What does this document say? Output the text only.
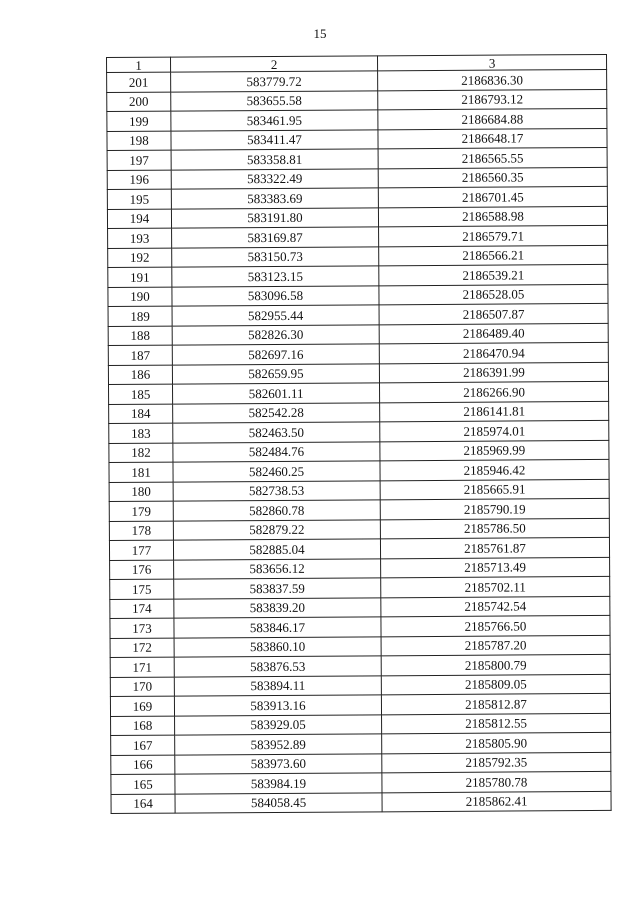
15
1	2	3
201	583779.72	2186836.30
200	583655.58	2186793.12
199	583461.95	2186684.88
198	583411.47	2186648.17
197	583358.81	2186565.55
196	583322.49	2186560.35
195	583383.69	2186701.45
194	583191.80	2186588.98
193	583169.87	2186579.71
192	583150.73	2186566.21
191	583123.15	2186539.21
190	583096.58	2186528.05
189	582955.44	2186507.87
188	582826.30	2186489.40
187	582697.16	2186470.94
186	582659.95	2186391.99
185	582601.11	2186266.90
184	582542.28	2186141.81
183	582463.50	2185974.01
182	582484.76	2185969.99
181	582460.25	2185946.42
180	582738.53	2185665.91
179	582860.78	2185790.19
178	582879.22	2185786.50
177	582885.04	2185761.87
176	583656.12	2185713.49
175	583837.59	2185702.11
174	583839.20	2185742.54
173	583846.17	2185766.50
172	583860.10	2185787.20
171	583876.53	2185800.79
170	583894.11	2185809.05
169	583913.16	2185812.87
168	583929.05	2185812.55
167	583952.89	2185805.90
166	583973.60	2185792.35
165	583984.19	2185780.78
164	584058.45	2185862.41
